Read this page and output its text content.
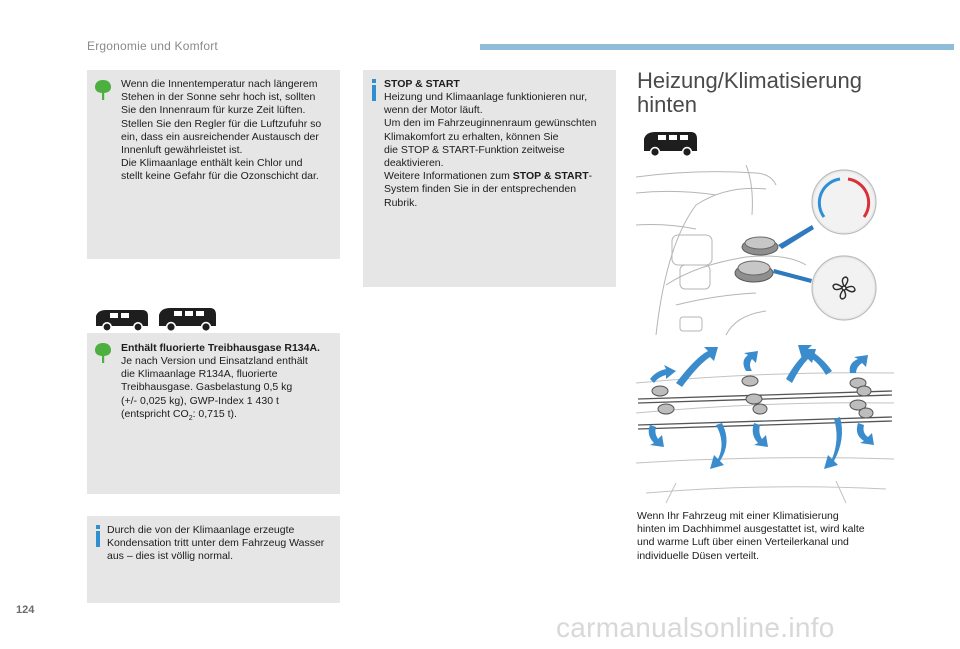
Ergonomie und Komfort

Wenn die Innentemperatur nach längerem
Stehen in der Sonne sehr hoch ist, sollten
Sie den Innenraum für kurze Zeit lüften.
Stellen Sie den Regler für die Luftzufuhr so
ein, dass ein ausreichender Austausch der
Innenluft gewährleistet ist.
Die Klimaanlage enthält kein Chlor und
stellt keine Gefahr für die Ozonschicht dar.

Enthält fluorierte Treibhausgase R134A.

Je nach Version und Einsatzland enthält
die Klimaanlage R134A, fluorierte
Treibhausgase. Gasbelastung 0,5 kg
(+/- 0,025 kg), GWP-Index 1 430 t
(entspricht $CO_2$: 0,715 t).

Durch die von der Klimaanlage erzeugte
Kondensation tritt unter dem Fahrzeug Wasser
aus – dies ist völlig normal.

STOP & START

Heizung und Klimaanlage funktionieren nur,
wenn der Motor läuft.
Um den im Fahrzeuginnenraum gewünschten
Klimakomfort zu erhalten, können Sie
die STOP & START-Funktion zeitweise
deaktivieren.
Weitere Informationen zum STOP & START-
System finden Sie in der entsprechenden
Rubrik.

Heizung/Klimatisierung
hinten

Wenn Ihr Fahrzeug mit einer Klimatisierung
hinten im Dachhimmel ausgestattet ist, wird kalte
und warme Luft über einen Verteilerkanal und
individuelle Düsen verteilt.

124
carmanualsonline.info
